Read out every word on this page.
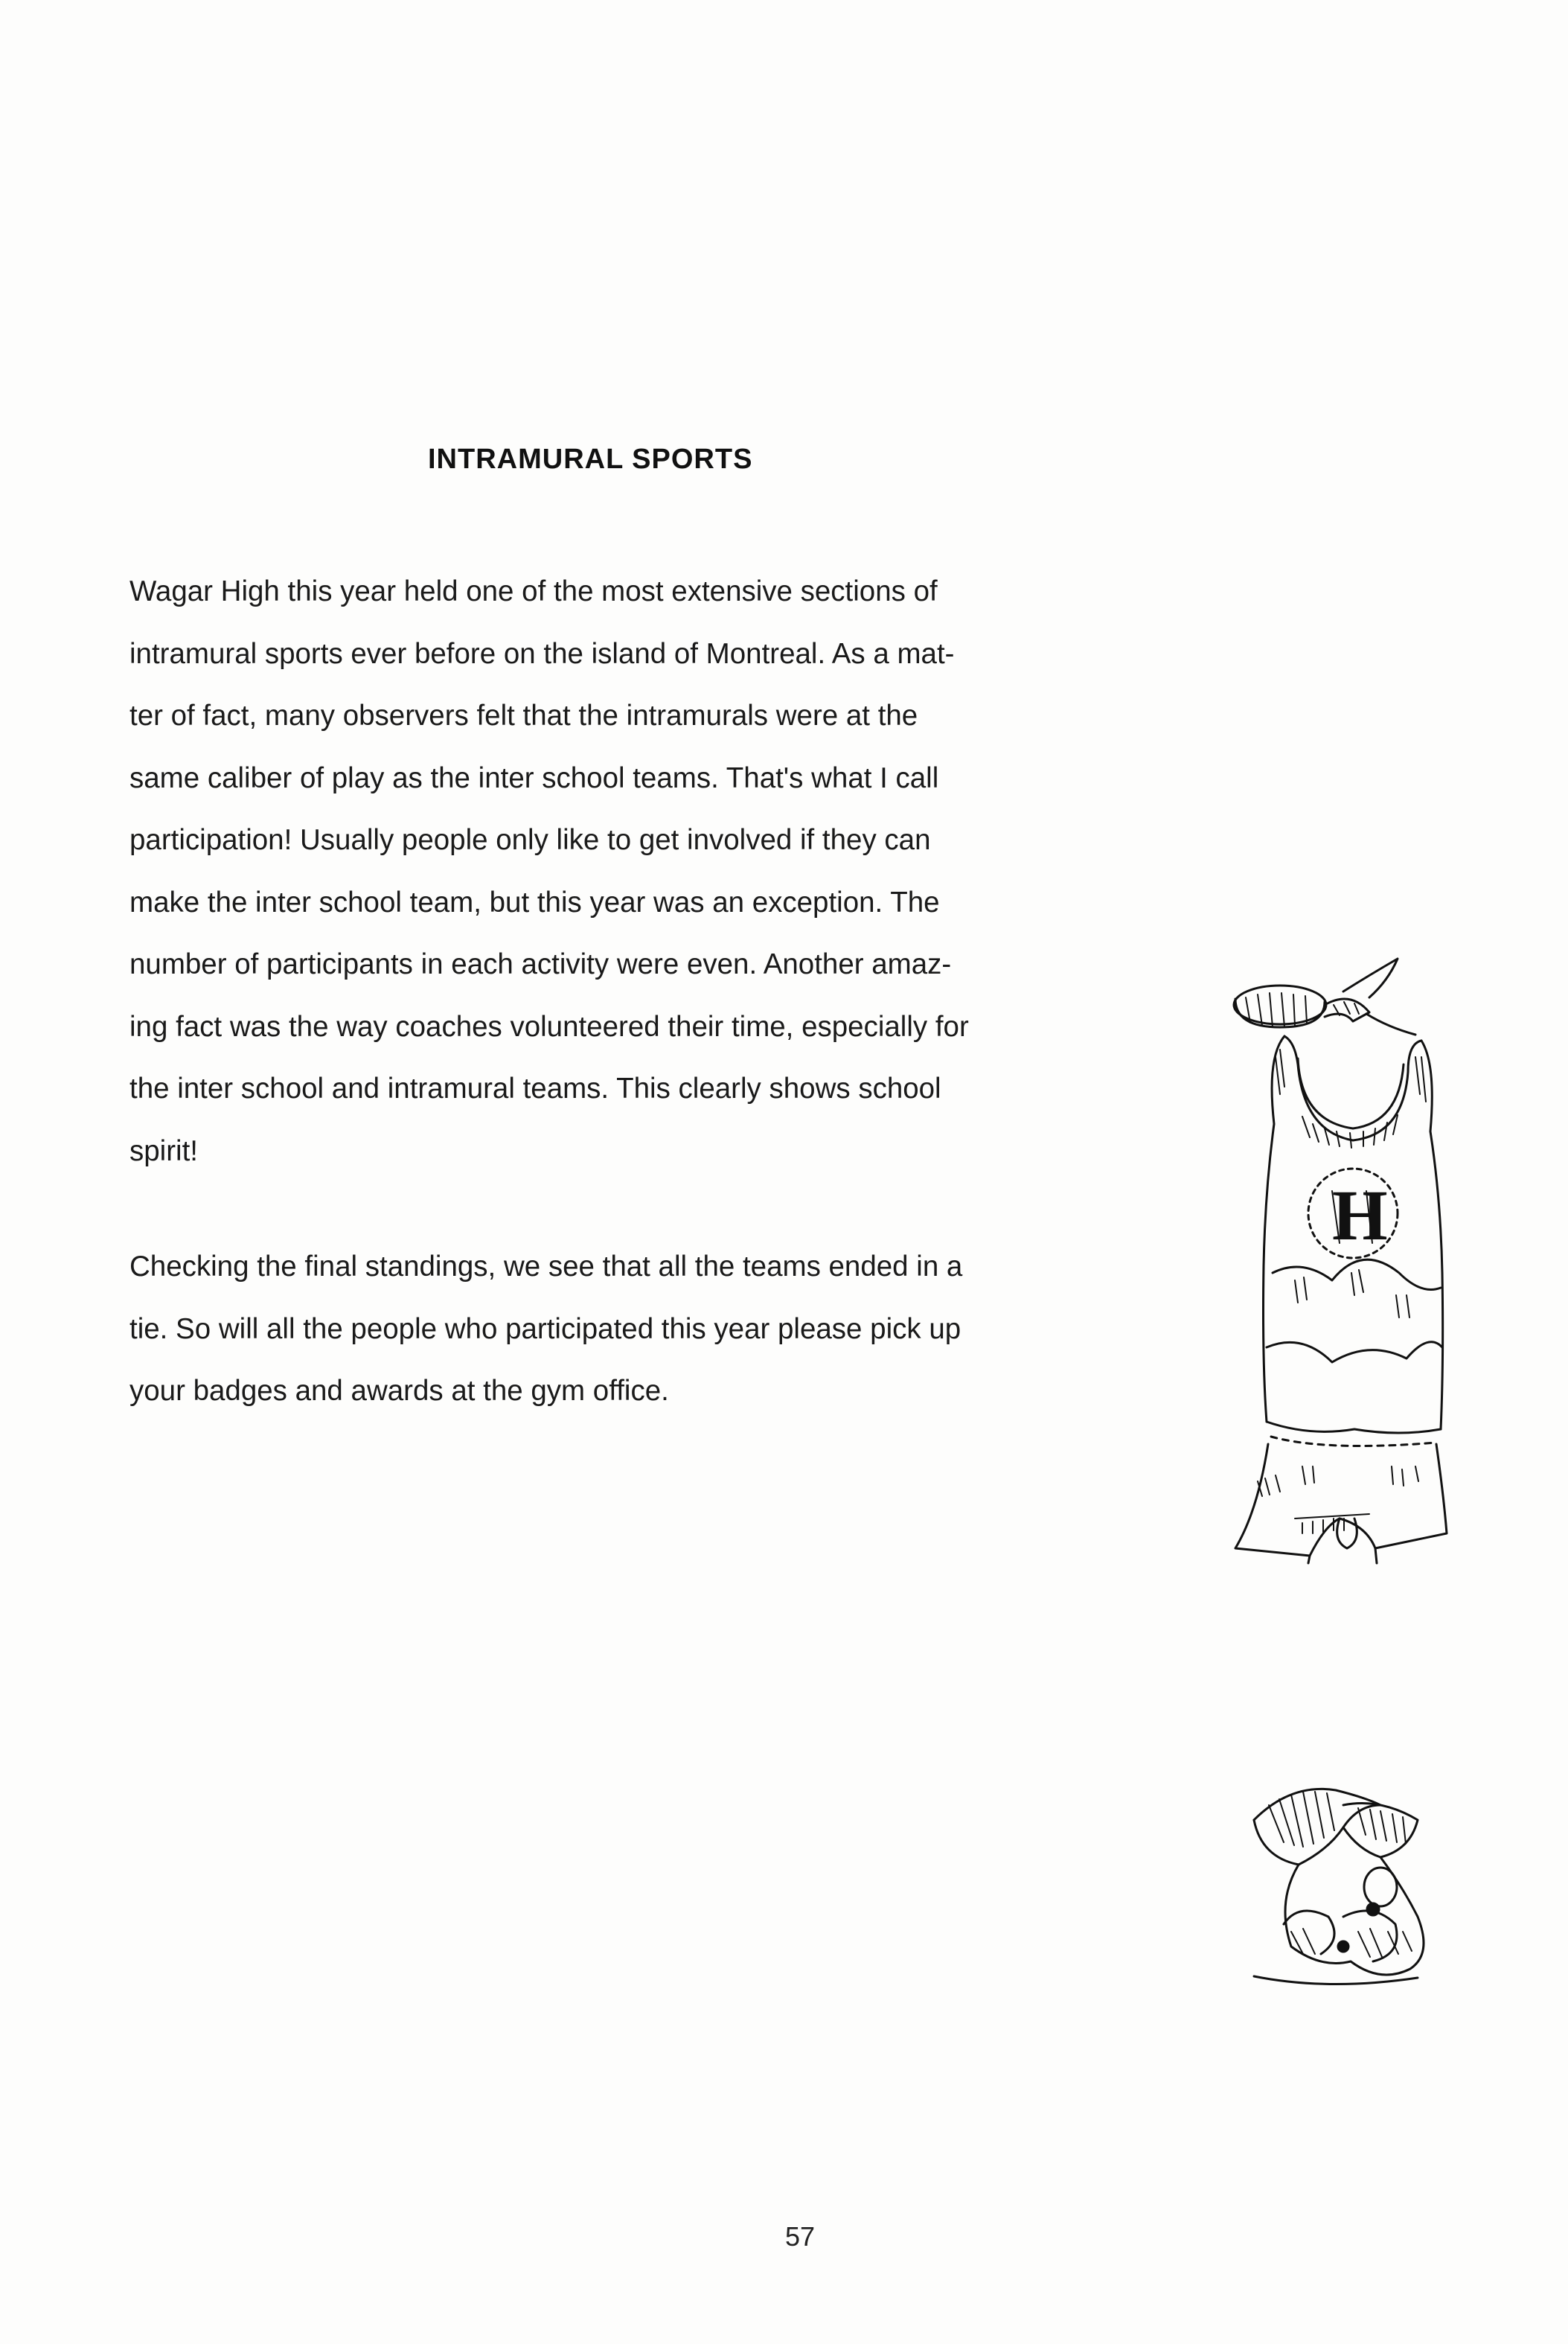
INTRAMURAL SPORTS
Wagar High this year held one of the most extensive sections of
intramural sports ever before on the island of Montreal. As a mat-
ter of fact, many observers felt that the intramurals were at the
same caliber of play as the inter school teams. That's what I call
participation! Usually people only like to get involved if they can
make the inter school team, but this year was an exception. The
number of participants in each activity were even. Another amaz-
ing fact was the way coaches volunteered their time, especially for
the inter school and intramural teams. This clearly shows school
spirit!
Checking the final standings, we see that all the teams ended in a
tie. So will all the people who participated this year please pick up
your badges and awards at the gym office.
H
57
